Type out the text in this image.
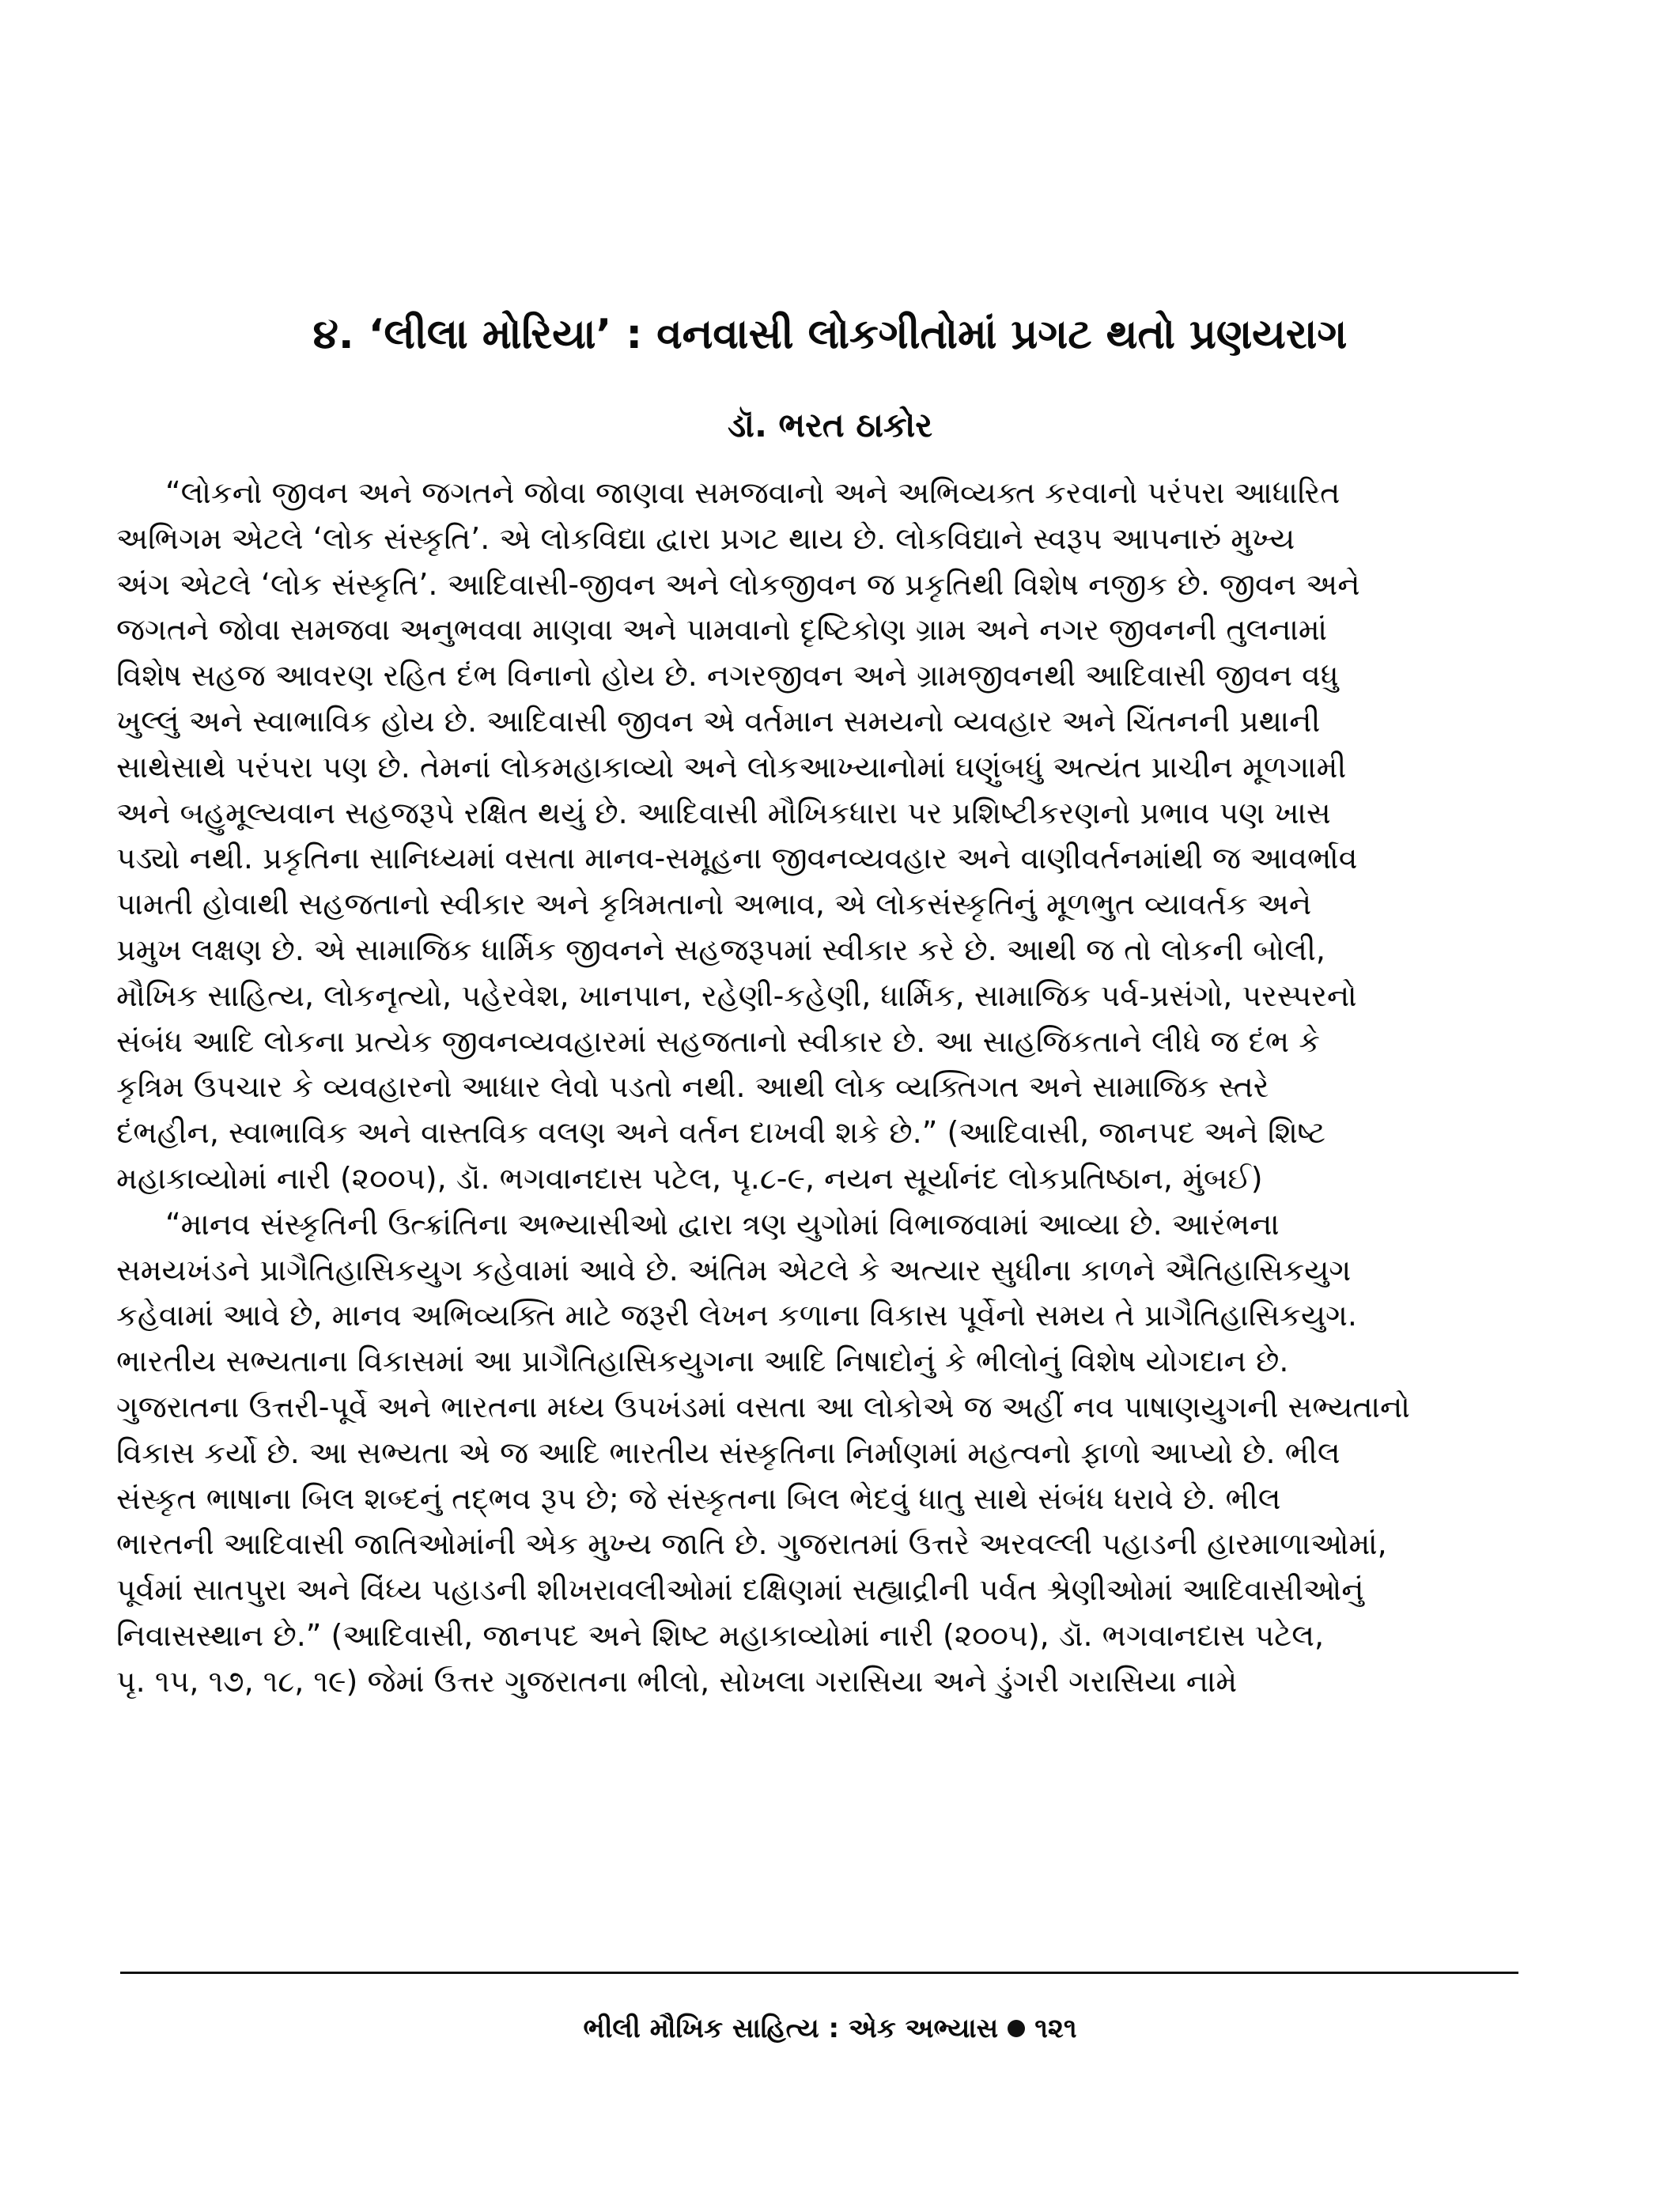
૪. ‘લીલા મોરિયા’ : વનવાસી લોકગીતોમાં પ્રગટ થતો પ્રણયરાગ
ડૉ. ભરત ઠાકોર
“લોકનો જીવન અને જગતને જોવા જાણવા સમજવાનો અને અભિવ્યક્ત કરવાનો પરંપરા આધારિત
અભિગમ એટલે ‘લોક સંસ્કૃતિ’. એ લોકવિદ્યા દ્વારા પ્રગટ થાય છે. લોકવિદ્યાને સ્વરૂપ આપનારું મુખ્ય
અંગ એટલે ‘લોક સંસ્કૃતિ’. આદિવાસી-જીવન અને લોકજીવન જ પ્રકૃતિથી વિશેષ નજીક છે. જીવન અને
જગતને જોવા સમજવા અનુભવવા માણવા અને પામવાનો દૃષ્ટિકોણ ગ્રામ અને નગર જીવનની તુલનામાં
વિશેષ સહજ આવરણ રહિત દંભ વિનાનો હોય છે. નગરજીવન અને ગ્રામજીવનથી આદિવાસી જીવન વધુ
ખુલ્લું અને સ્વાભાવિક હોય છે. આદિવાસી જીવન એ વર્તમાન સમયનો વ્યવહાર અને ચિંતનની પ્રથાની
સાથેસાથે પરંપરા પણ છે. તેમનાં લોકમહાકાવ્યો અને લોકઆખ્યાનોમાં ઘણુંબધું અત્યંત પ્રાચીન મૂળગામી
અને બહુમૂલ્યવાન સહજરૂપે રક્ષિત થયું છે. આદિવાસી મૌખિકધારા પર પ્રશિષ્ટીકરણનો પ્રભાવ પણ ખાસ
પડ્યો નથી. પ્રકૃતિના સાનિધ્યમાં વસતા માનવ-સમૂહના જીવનવ્યવહાર અને વાણીવર્તનમાંથી જ આવર્ભાવ
પામતી હોવાથી સહજતાનો સ્વીકાર અને કૃત્રિમતાનો અભાવ, એ લોકસંસ્કૃતિનું મૂળભુત વ્યાવર્તક અને
પ્રમુખ લક્ષણ છે. એ સામાજિક ધાર્મિક જીવનને સહજરૂપમાં સ્વીકાર કરે છે. આથી જ તો લોકની બોલી,
મૌખિક સાહિત્ય, લોકનૃત્યો, પહેરવેશ, ખાનપાન, રહેણી-કહેણી, ધાર્મિક, સામાજિક પર્વ-પ્રસંગો, પરસ્પરનો
સંબંધ આદિ લોકના પ્રત્યેક જીવનવ્યવહારમાં સહજતાનો સ્વીકાર છે. આ સાહજિકતાને લીધે જ દંભ કે
કૃત્રિમ ઉપચાર કે વ્યવહારનો આધાર લેવો પડતો નથી. આથી લોક વ્યક્તિગત અને સામાજિક સ્તરે
દંભહીન, સ્વાભાવિક અને વાસ્તવિક વલણ અને વર્તન દાખવી શકે છે.” (આદિવાસી, જાનપદ અને શિષ્ટ
મહાકાવ્યોમાં નારી (૨૦૦૫), ડૉ. ભગવાનદાસ પટેલ, પૃ.૮-૯, નયન સૂર્યાનંદ લોકપ્રતિષ્ઠાન, મુંબઈ)
“માનવ સંસ્કૃતિની ઉત્ક્રાંતિના અભ્યાસીઓ દ્વારા ત્રણ યુગોમાં વિભાજવામાં આવ્યા છે. આરંભના
સમયખંડને પ્રાગૈતિહાસિકયુગ કહેવામાં આવે છે. અંતિમ એટલે કે અત્યાર સુધીના કાળને ઐતિહાસિકયુગ
કહેવામાં આવે છે, માનવ અભિવ્યક્તિ માટે જરૂરી લેખન કળાના વિકાસ પૂર્વેનો સમય તે પ્રાગૈતિહાસિકયુગ.
ભારતીય સભ્યતાના વિકાસમાં આ પ્રાગૈતિહાસિકયુગના આદિ નિષાદોનું કે ભીલોનું વિશેષ યોગદાન છે.
ગુજરાતના ઉત્તરી-પૂર્વે અને ભારતના મધ્ય ઉપખંડમાં વસતા આ લોકોએ જ અહીં નવ પાષાણયુગની સભ્યતાનો
વિકાસ કર્યો છે. આ સભ્યતા એ જ આદિ ભારતીય સંસ્કૃતિના નિર્માણમાં મહત્વનો ફાળો આપ્યો છે. ભીલ
સંસ્કૃત ભાષાના બિલ શબ્દનું તદ્ભવ રૂપ છે; જે સંસ્કૃતના બિલ ભેદવું ધાતુ સાથે સંબંધ ધરાવે છે. ભીલ
ભારતની આદિવાસી જાતિઓમાંની એક મુખ્ય જાતિ છે. ગુજરાતમાં ઉત્તરે અરવલ્લી પહાડની હારમાળાઓમાં,
પૂર્વમાં સાતપુરા અને વિંધ્ય પહાડની શીખરાવલીઓમાં દક્ષિણમાં સહ્યાદ્રીની પર્વત શ્રેણીઓમાં આદિવાસીઓનું
નિવાસસ્થાન છે.” (આદિવાસી, જાનપદ અને શિષ્ટ મહાકાવ્યોમાં નારી (૨૦૦૫), ડૉ. ભગવાનદાસ પટેલ,
પૃ. ૧૫, ૧૭, ૧૮, ૧૯) જેમાં ઉત્તર ગુજરાતના ભીલો, સોખલા ગરાસિયા અને ડુંગરી ગરાસિયા નામે
ભીલી મૌખિક સાહિત્ય : એક અભ્યાસ ૧૨૧
